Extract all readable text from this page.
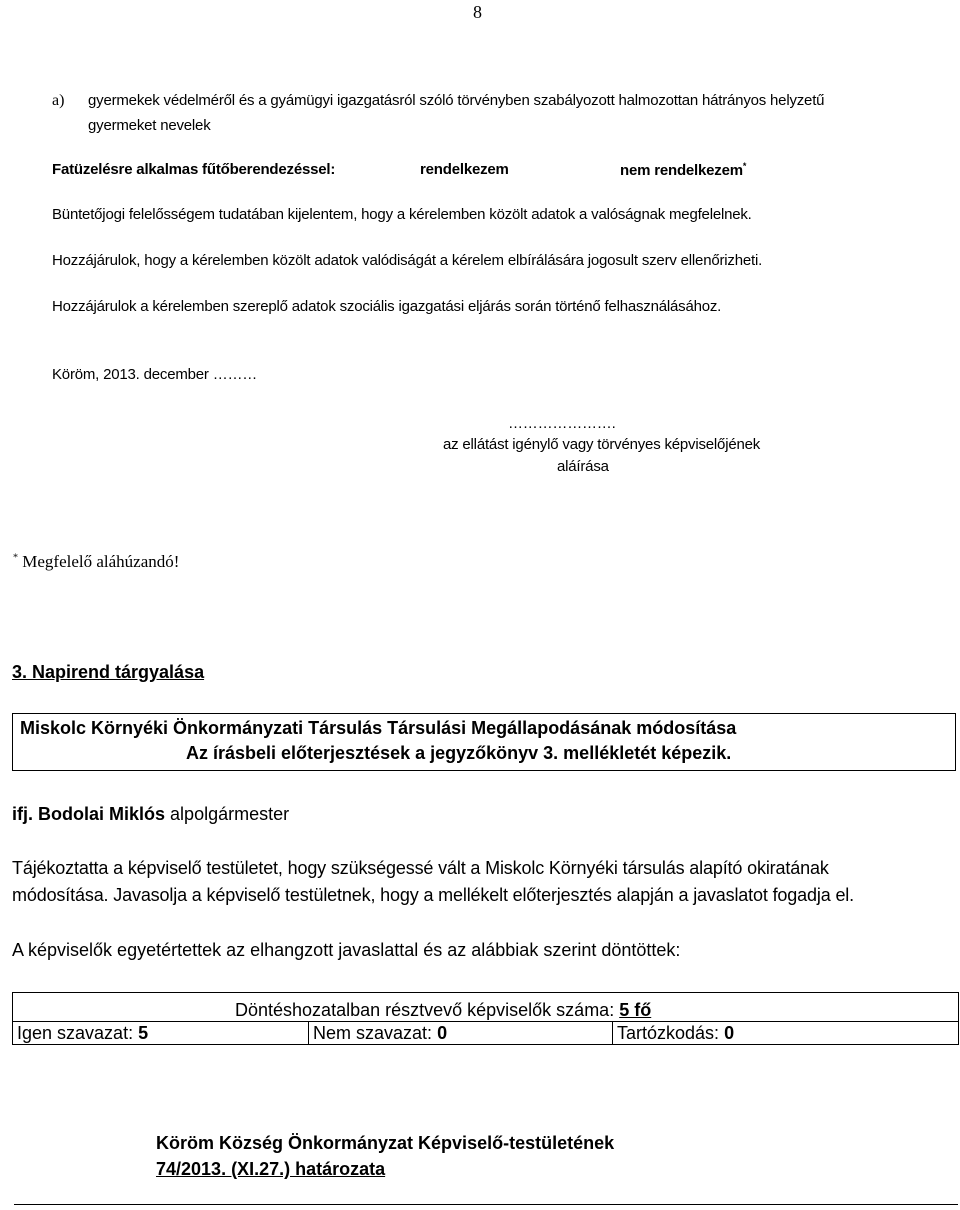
8
a) gyermekek védelméről és a gyámügyi igazgatásról szóló törvényben szabályozott halmozottan hátrányos helyzetű
gyermeket nevelek
Fatüzelésre alkalmas fűtőberendezéssel:	rendelkezem	nem rendelkezem*
Büntetőjogi felelősségem tudatában kijelentem, hogy a kérelemben közölt adatok a valóságnak megfelelnek.
Hozzájárulok, hogy a kérelemben közölt adatok valódiságát a kérelem elbírálására jogosult szerv ellenőrizheti.
Hozzájárulok a kérelemben szereplő adatok szociális igazgatási eljárás során történő felhasználásához.
Köröm, 2013. december ………
………………….
az ellátást igénylő vagy törvényes képviselőjének
aláírása
* Megfelelő aláhúzandó!
3. Napirend tárgyalása
Miskolc Környéki Önkormányzati Társulás Társulási Megállapodásának módosítása
Az írásbeli előterjesztések a jegyzőkönyv 3. mellékletét képezik.
ifj. Bodolai Miklós alpolgármester
Tájékoztatta a képviselő testületet, hogy szükségessé vált a Miskolc Környéki társulás alapító okiratának
módosítása. Javasolja a képviselő testületnek, hogy a mellékelt előterjesztés alapján a javaslatot fogadja el.
A képviselők egyetértettek az elhangzott javaslattal és az alábbiak szerint döntöttek:
Döntéshozatalban résztvevő képviselők száma: 5 fő
Igen szavazat: 5	Nem szavazat: 0	Tartózkodás: 0
Köröm Község Önkormányzat Képviselő-testületének
74/2013. (XI.27.) határozata
